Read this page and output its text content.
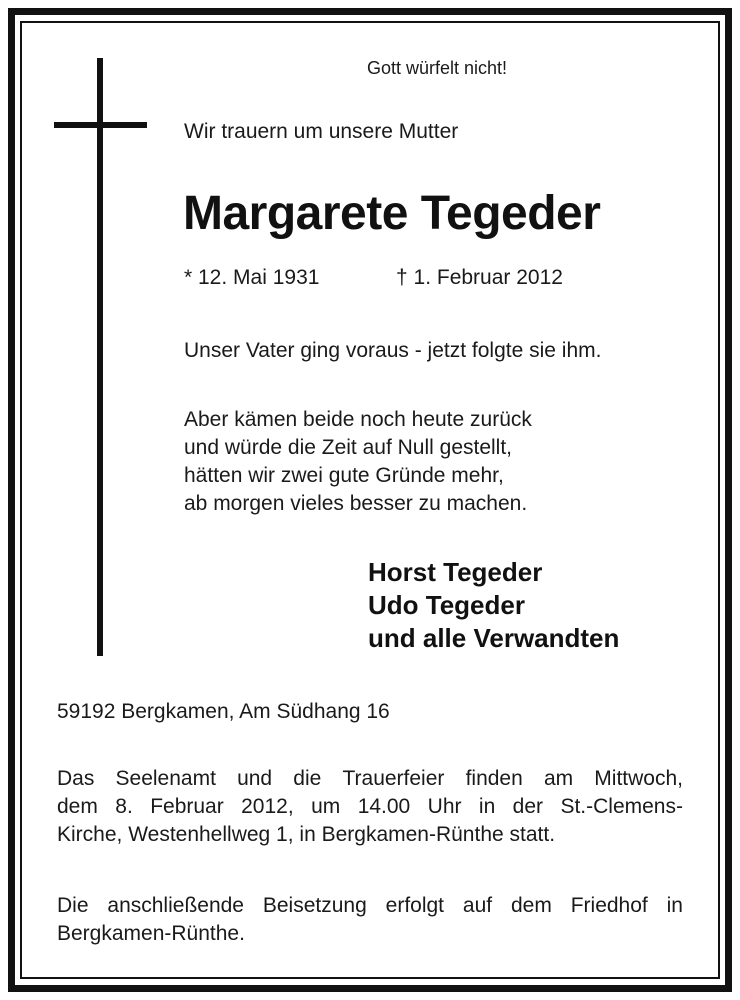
Gott würfelt nicht!
Wir trauern um unsere Mutter
Margarete Tegeder
* 12. Mai 1931	† 1. Februar 2012
Unser Vater ging voraus - jetzt folgte sie ihm.
Aber kämen beide noch heute zurück
und würde die Zeit auf Null gestellt,
hätten wir zwei gute Gründe mehr,
ab morgen vieles besser zu machen.
Horst Tegeder
Udo Tegeder
und alle Verwandten
59192 Bergkamen, Am Südhang 16
Das Seelenamt und die Trauerfeier finden am Mittwoch,
dem 8. Februar 2012, um 14.00 Uhr in der St.-Clemens-
Kirche, Westenhellweg 1, in Bergkamen-Rünthe statt.
Die anschließende Beisetzung erfolgt auf dem Friedhof in
Bergkamen-Rünthe.
